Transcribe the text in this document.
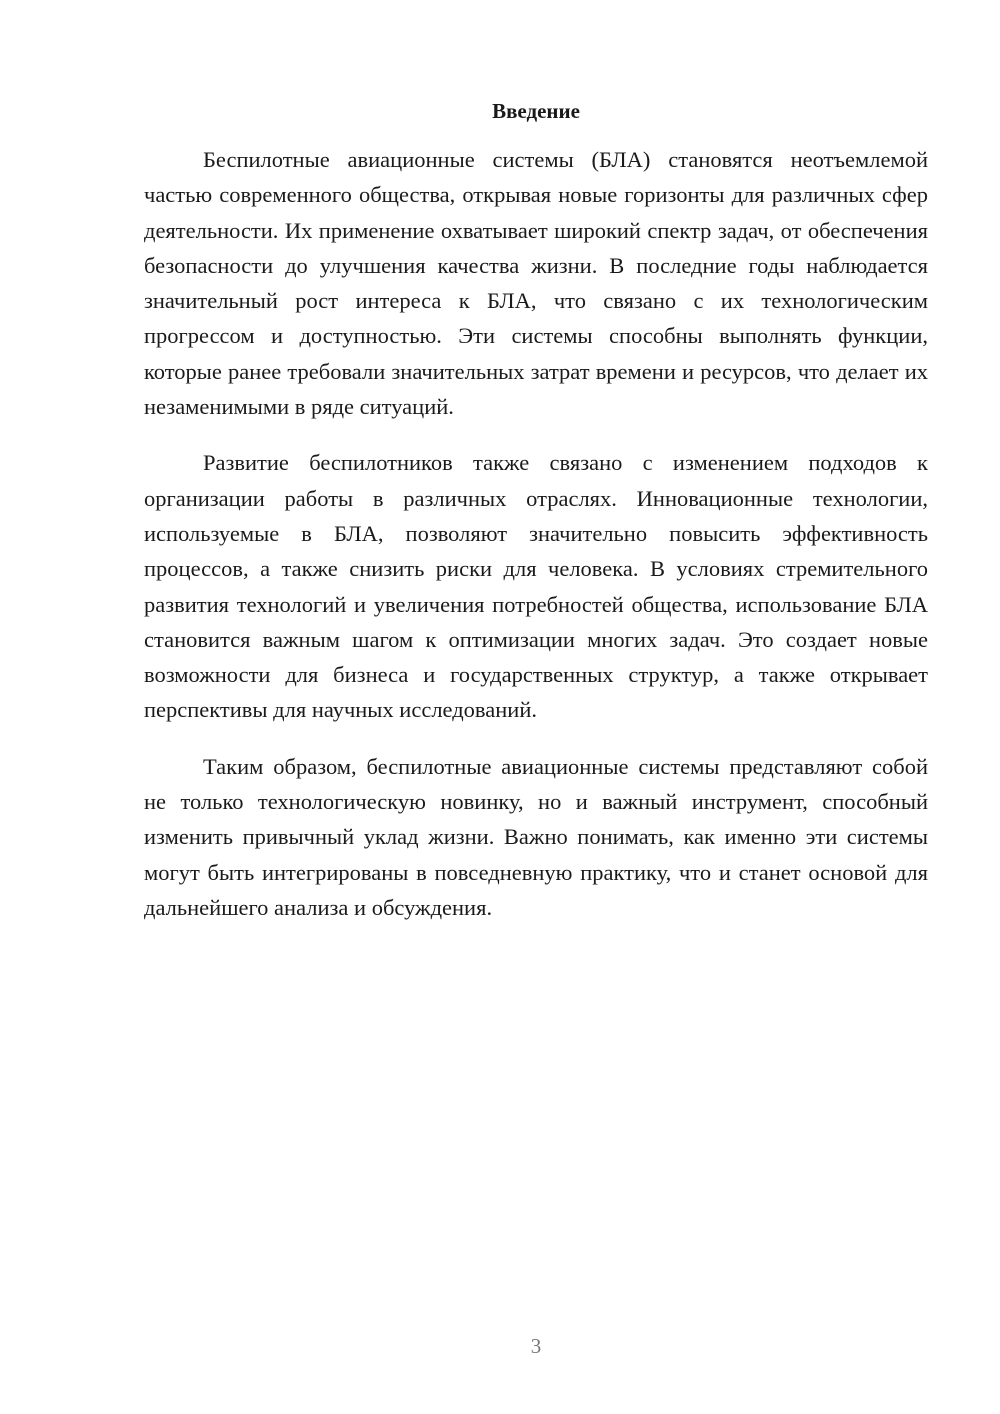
Введение

Беспилотные авиационные системы (БЛА) становятся неотъемлемой частью современного общества, открывая новые горизонты для различных сфер деятельности. Их применение охватывает широкий спектр задач, от обеспечения безопасности до улучшения качества жизни. В последние годы наблюдается значительный рост интереса к БЛА, что связано с их технологическим прогрессом и доступностью. Эти системы способны выполнять функции, которые ранее требовали значительных затрат времени и ресурсов, что делает их незаменимыми в ряде ситуаций.

Развитие беспилотников также связано с изменением подходов к организации работы в различных отраслях. Инновационные технологии, используемые в БЛА, позволяют значительно повысить эффективность процессов, а также снизить риски для человека. В условиях стремительного развития технологий и увеличения потребностей общества, использование БЛА становится важным шагом к оптимизации многих задач. Это создает новые возможности для бизнеса и государственных структур, а также открывает перспективы для научных исследований.

Таким образом, беспилотные авиационные системы представляют собой не только технологическую новинку, но и важный инструмент, способный изменить привычный уклад жизни. Важно понимать, как именно эти системы могут быть интегрированы в повседневную практику, что и станет основой для дальнейшего анализа и обсуждения.

3
